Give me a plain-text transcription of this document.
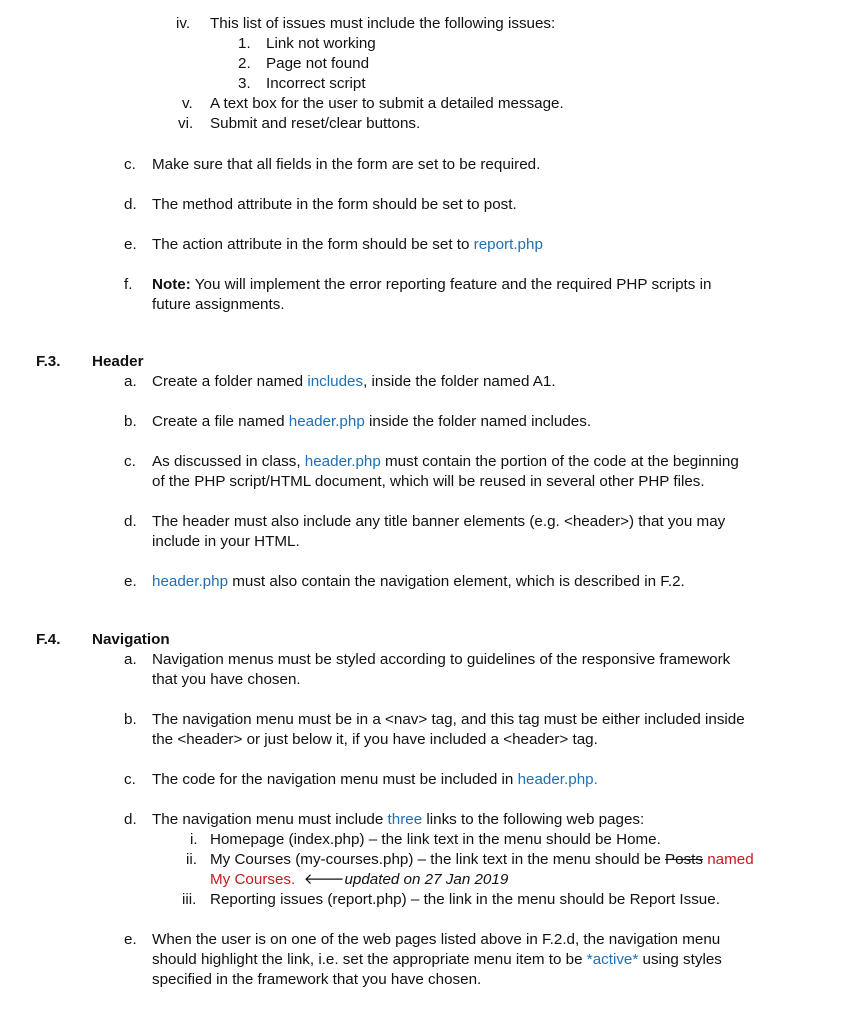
iv. This list of issues must include the following issues:
1. Link not working
2. Page not found
3. Incorrect script
v. A text box for the user to submit a detailed message.
vi. Submit and reset/clear buttons.
c. Make sure that all fields in the form are set to be required.
d. The method attribute in the form should be set to post.
e. The action attribute in the form should be set to report.php
f. Note: You will implement the error reporting feature and the required PHP scripts in
future assignments.
F.3. Header
a. Create a folder named includes, inside the folder named A1.
b. Create a file named header.php inside the folder named includes.
c. As discussed in class, header.php must contain the portion of the code at the beginning
of the PHP script/HTML document, which will be reused in several other PHP files.
d. The header must also include any title banner elements (e.g. <header>) that you may
include in your HTML.
e. header.php must also contain the navigation element, which is described in F.2.
F.4. Navigation
a. Navigation menus must be styled according to guidelines of the responsive framework
that you have chosen.
b. The navigation menu must be in a <nav> tag, and this tag must be either included inside
the <header> or just below it, if you have included a <header> tag.
c. The code for the navigation menu must be included in header.php.
d. The navigation menu must include three links to the following web pages:
i. Homepage (index.php) – the link text in the menu should be Home.
ii. My Courses (my-courses.php) – the link text in the menu should be Posts named
My Courses. 🡐updated on 27 Jan 2019
iii. Reporting issues (report.php) – the link in the menu should be Report Issue.
e. When the user is on one of the web pages listed above in F.2.d, the navigation menu
should highlight the link, i.e. set the appropriate menu item to be *active* using styles
specified in the framework that you have chosen.
